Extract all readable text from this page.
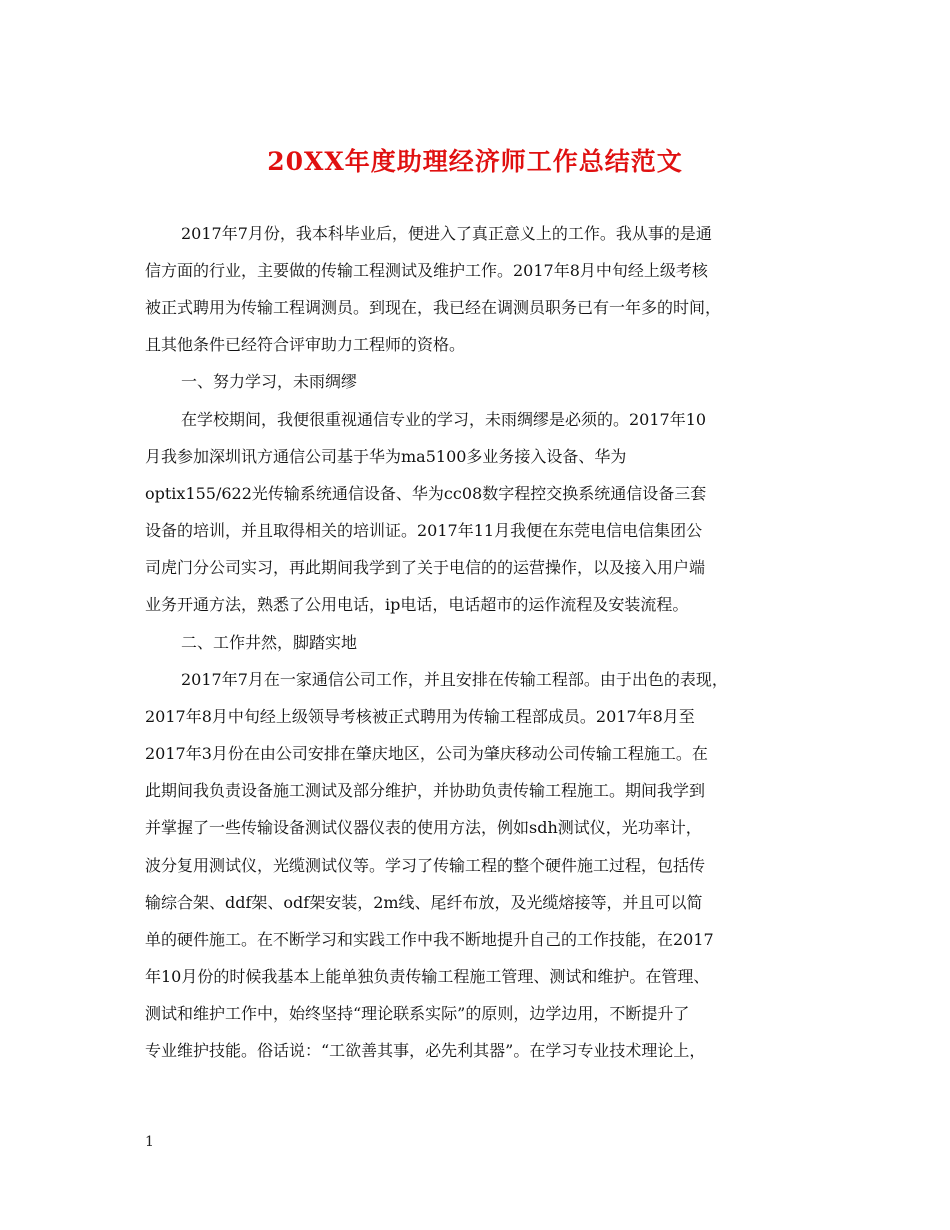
20XX年度助理经济师工作总结范文
2017年7月份，我本科毕业后，便进入了真正意义上的工作。我从事的是通
信方面的行业，主要做的传输工程测试及维护工作。2017年8月中旬经上级考核
被正式聘用为传输工程调测员。到现在，我已经在调测员职务已有一年多的时间，
且其他条件已经符合评审助力工程师的资格。
一、努力学习，未雨绸缪
在学校期间，我便很重视通信专业的学习，未雨绸缪是必须的。2017年10
月我参加深圳讯方通信公司基于华为ma5100多业务接入设备、华为
optix155/622光传输系统通信设备、华为cc08数字程控交换系统通信设备三套
设备的培训，并且取得相关的培训证。2017年11月我便在东莞电信电信集团公
司虎门分公司实习，再此期间我学到了关于电信的的运营操作，以及接入用户端
业务开通方法，熟悉了公用电话，ip电话，电话超市的运作流程及安装流程。
二、工作井然，脚踏实地
2017年7月在一家通信公司工作，并且安排在传输工程部。由于出色的表现，
2017年8月中旬经上级领导考核被正式聘用为传输工程部成员。2017年8月至
2017年3月份在由公司安排在肇庆地区，公司为肇庆移动公司传输工程施工。在
此期间我负责设备施工测试及部分维护，并协助负责传输工程施工。期间我学到
并掌握了一些传输设备测试仪器仪表的使用方法，例如sdh测试仪，光功率计，
波分复用测试仪，光缆测试仪等。学习了传输工程的整个硬件施工过程，包括传
输综合架、ddf架、odf架安装，2m线、尾纤布放，及光缆熔接等，并且可以简
单的硬件施工。在不断学习和实践工作中我不断地提升自己的工作技能，在2017
年10月份的时候我基本上能单独负责传输工程施工管理、测试和维护。在管理、
测试和维护工作中，始终坚持“理论联系实际”的原则，边学边用，不断提升了
专业维护技能。俗话说：“工欲善其事，必先利其器”。在学习专业技术理论上，
1
